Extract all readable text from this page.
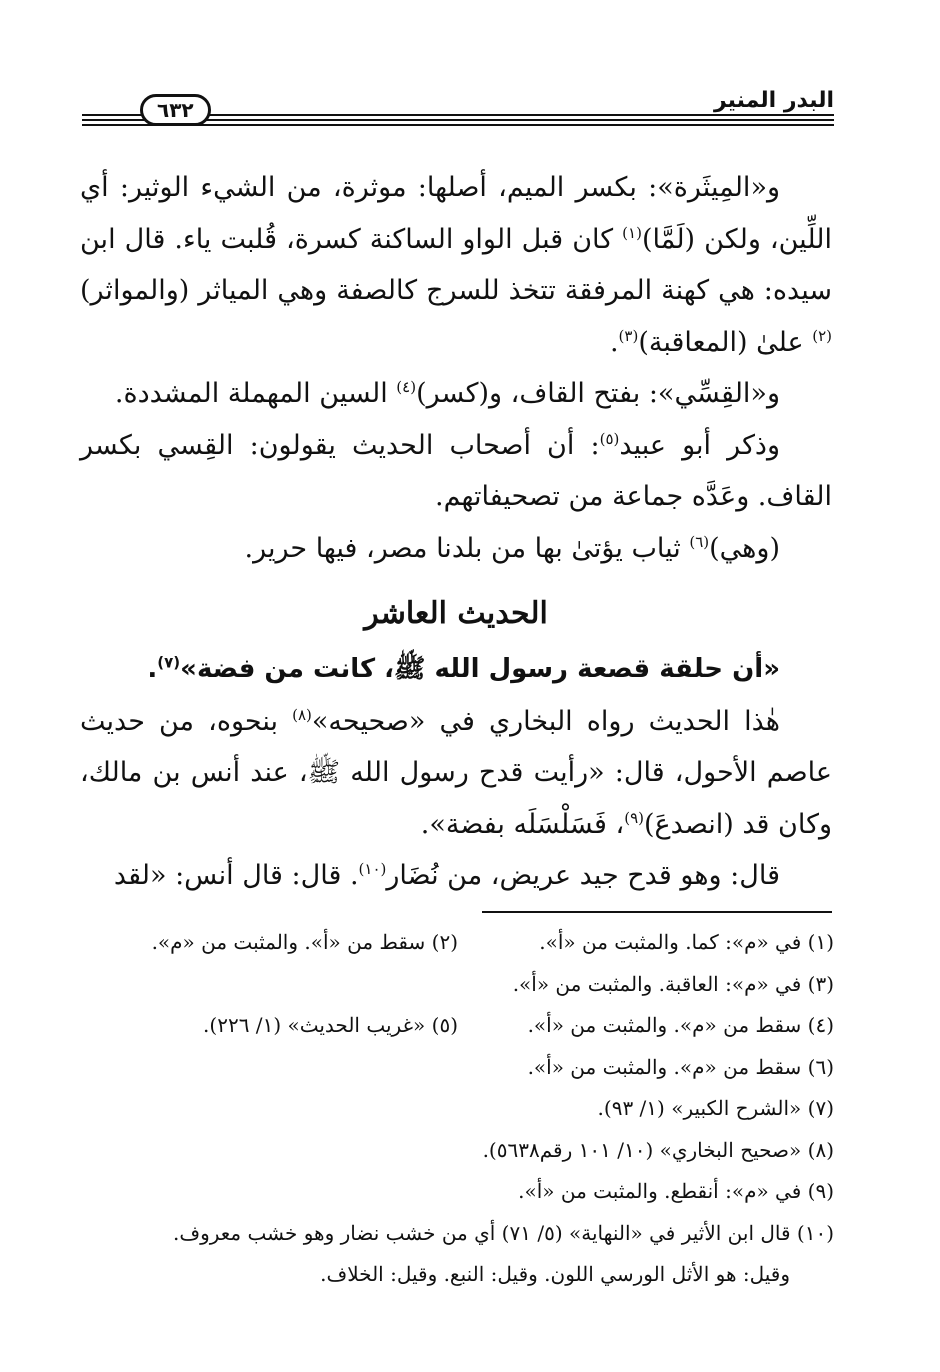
البدر المنير
٦٣٢

و«المِيثَرة»: بكسر الميم، أصلها: موثرة، من الشيء الوثير: أي اللِّين، ولكن (لَمَّا)$^{(١)}$ كان قبل الواو الساكنة كسرة، قُلبت ياء. قال ابن سيده: هي كهنة المرفقة تتخذ للسرج كالصفة وهي المياثر (والمواثر)$^{(٢)}$ علىٰ (المعاقبة)$^{(٣)}$.

و«القِسِّي»: بفتح القاف، و(كسر)$^{(٤)}$ السين المهملة المشددة.

وذكر أبو عبيد$^{(٥)}$: أن أصحاب الحديث يقولون: القِسي بكسر القاف. وعَدَّه جماعة من تصحيفاتهم.

(وهي)$^{(٦)}$ ثياب يؤتىٰ بها من بلدنا مصر، فيها حرير.

الحديث العاشر

«أن حلقة قصعة رسول الله ﷺ، كانت من فضة»$^{(٧)}$.

هٰذا الحديث رواه البخاري في «صحيحه»$^{(٨)}$ بنحوه، من حديث عاصم الأحول، قال: «رأيت قدح رسول الله ﷺ، عند أنس بن مالك، وكان قد (انصدعَ)$^{(٩)}$، فَسَلْسَلَه بفضة».

قال: وهو قدح جيد عريض، من نُضَار$^{(١٠)}$. قال: قال أنس: «لقد

(١) في «م»: كما. والمثبت من «أ».
(٢) سقط من «أ». والمثبت من «م».
(٣) في «م»: العاقبة. والمثبت من «أ».
(٤) سقط من «م». والمثبت من «أ».
(٥) «غريب الحديث» (١/ ٢٢٦).
(٦) سقط من «م». والمثبت من «أ».
(٧) «الشرح الكبير» (١/ ٩٣).
(٨) «صحيح البخاري» (١٠/ ١٠١ رقم٥٦٣٨).
(٩) في «م»: أنقطع. والمثبت من «أ».
(١٠) قال ابن الأثير في «النهاية» (٥/ ٧١) أي من خشب نضار وهو خشب معروف.
وقيل: هو الأثل الورسي اللون. وقيل: النبع. وقيل: الخلاف.
